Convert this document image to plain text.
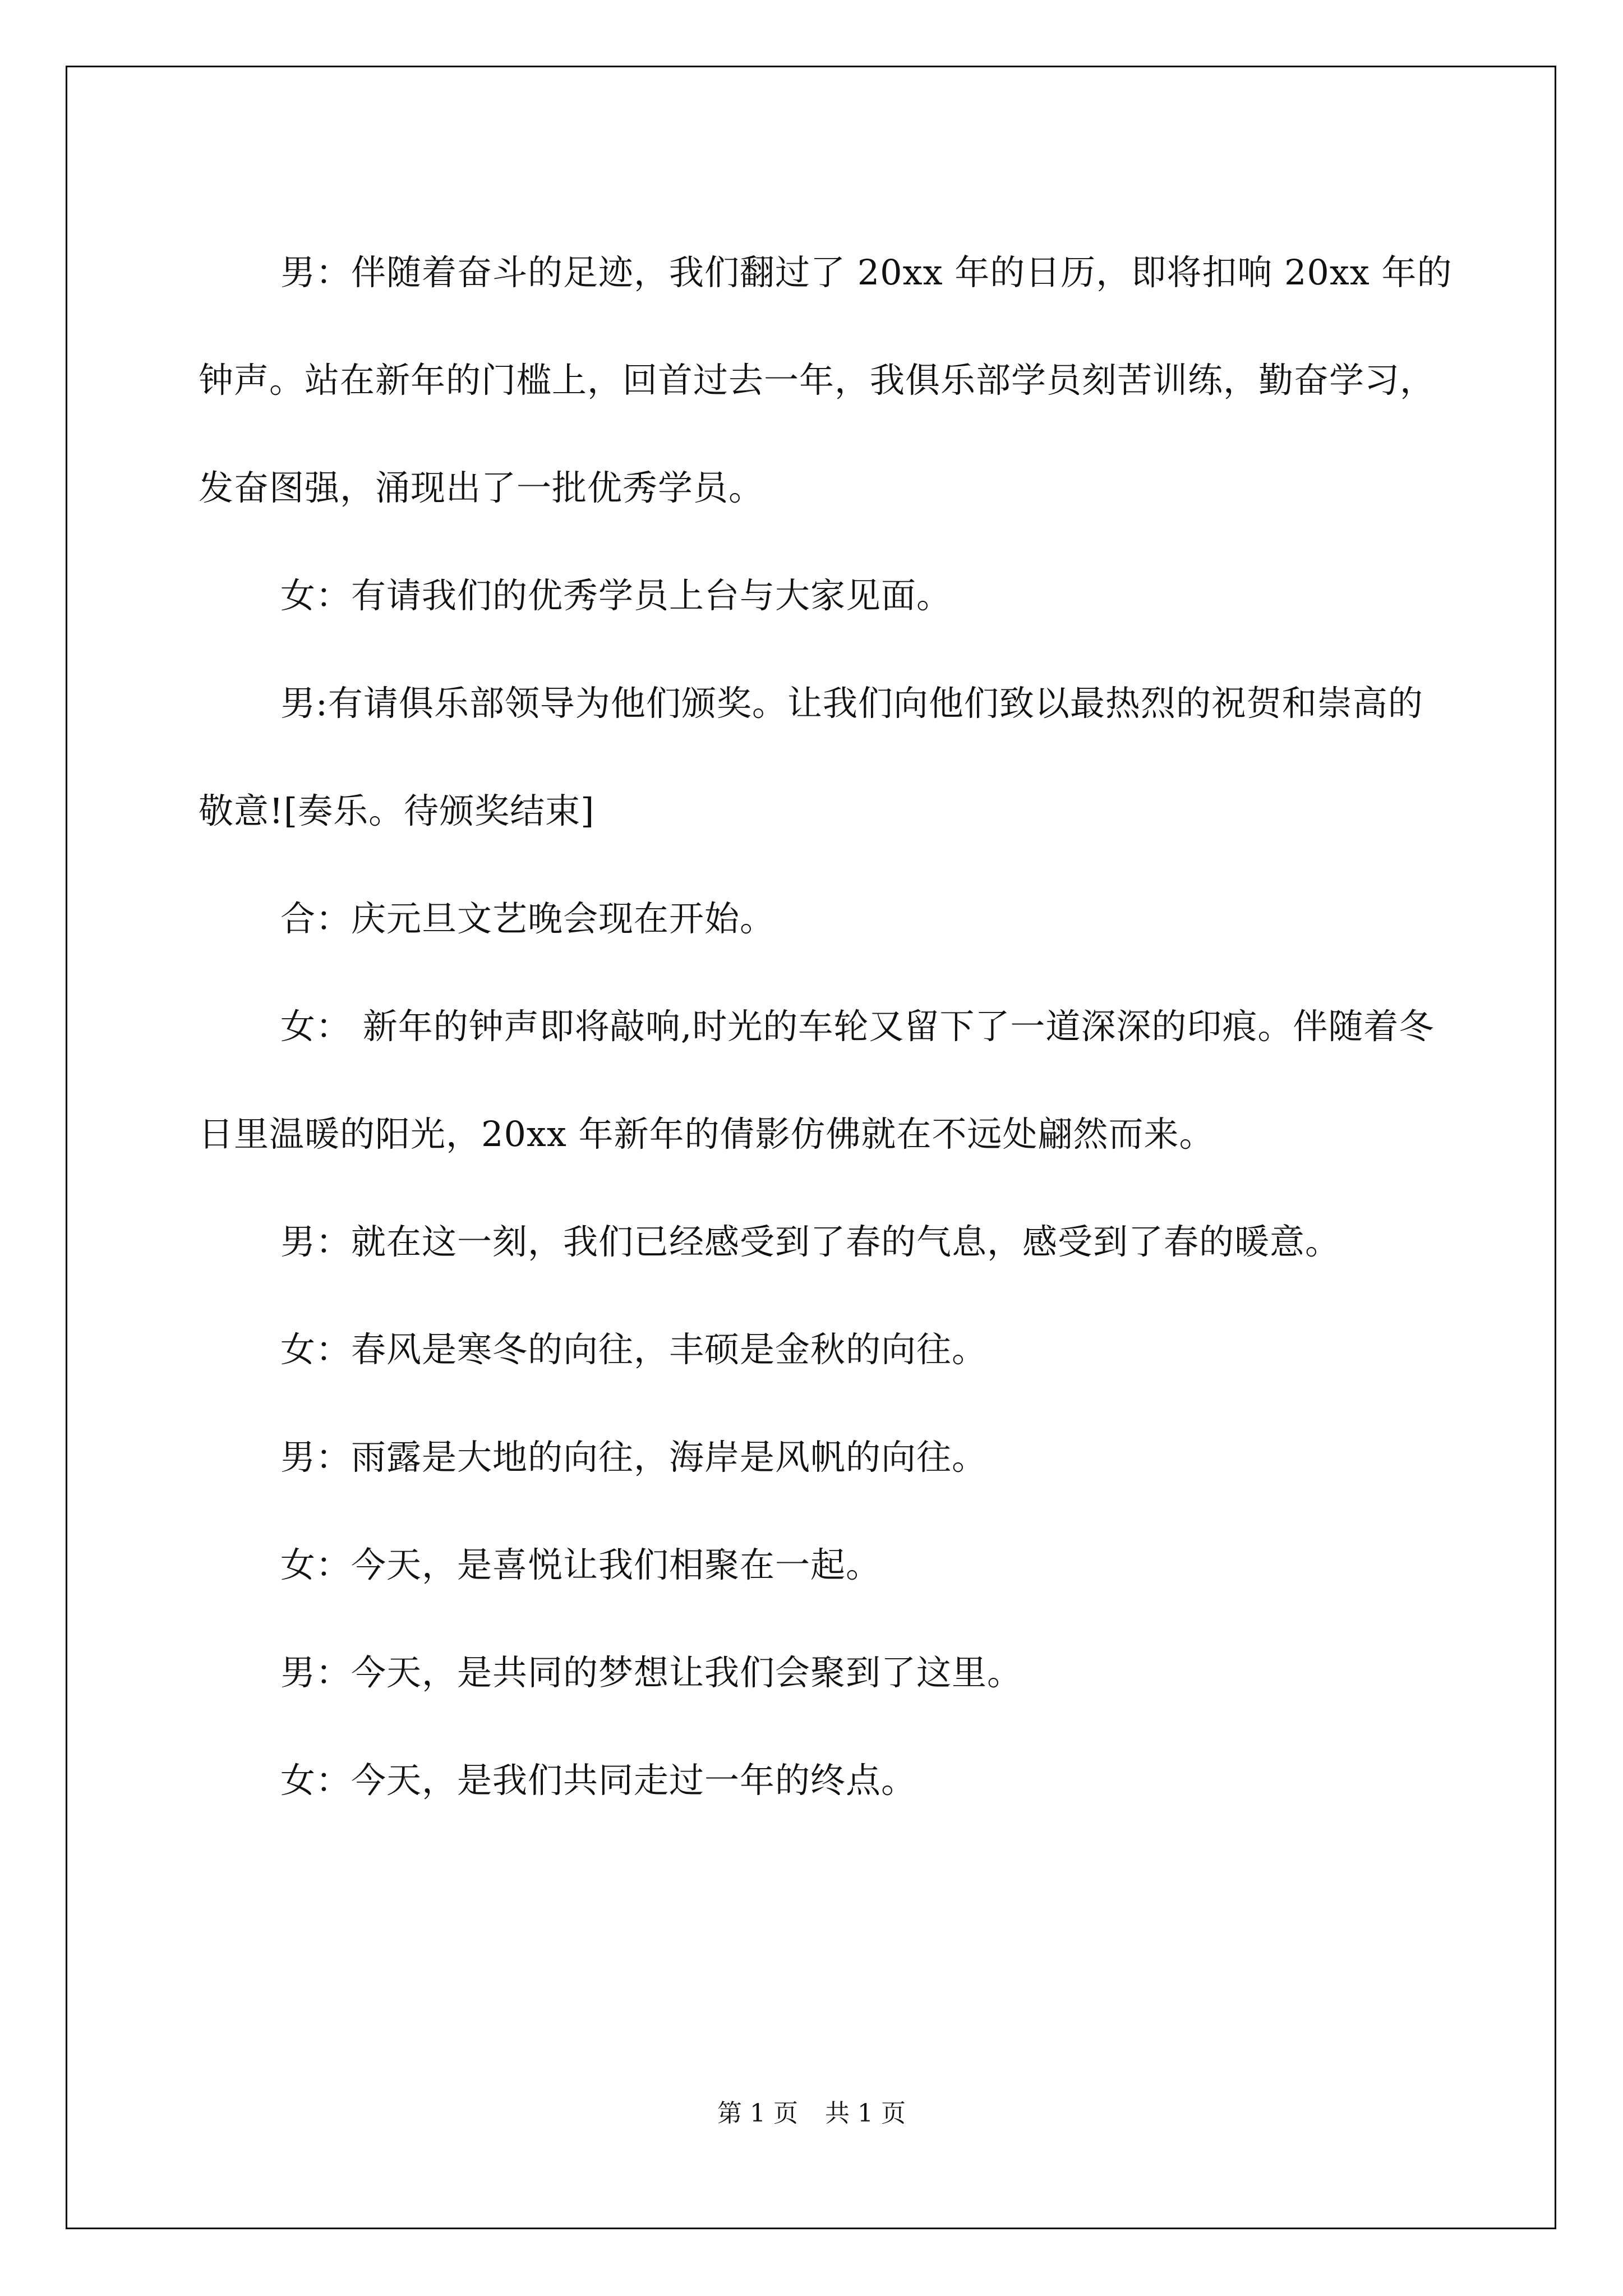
男：伴随着奋斗的足迹，我们翻过了 20xx 年的日历，即将扣响 20xx 年的钟声。站在新年的门槛上，回首过去一年，我俱乐部学员刻苦训练，勤奋学习，发奋图强，涌现出了一批优秀学员。

女：有请我们的优秀学员上台与大家见面。

男:有请俱乐部领导为他们颁奖。让我们向他们致以最热烈的祝贺和崇高的敬意![奏乐。待颁奖结束]

合：庆元旦文艺晚会现在开始。

女： 新年的钟声即将敲响,时光的车轮又留下了一道深深的印痕。伴随着冬日里温暖的阳光，20xx 年新年的倩影仿佛就在不远处翩然而来。

男：就在这一刻，我们已经感受到了春的气息，感受到了春的暖意。

女：春风是寒冬的向往，丰硕是金秋的向往。

男：雨露是大地的向往，海岸是风帆的向往。

女：今天，是喜悦让我们相聚在一起。

男：今天，是共同的梦想让我们会聚到了这里。

女：今天，是我们共同走过一年的终点。

第 1 页 共 1 页
